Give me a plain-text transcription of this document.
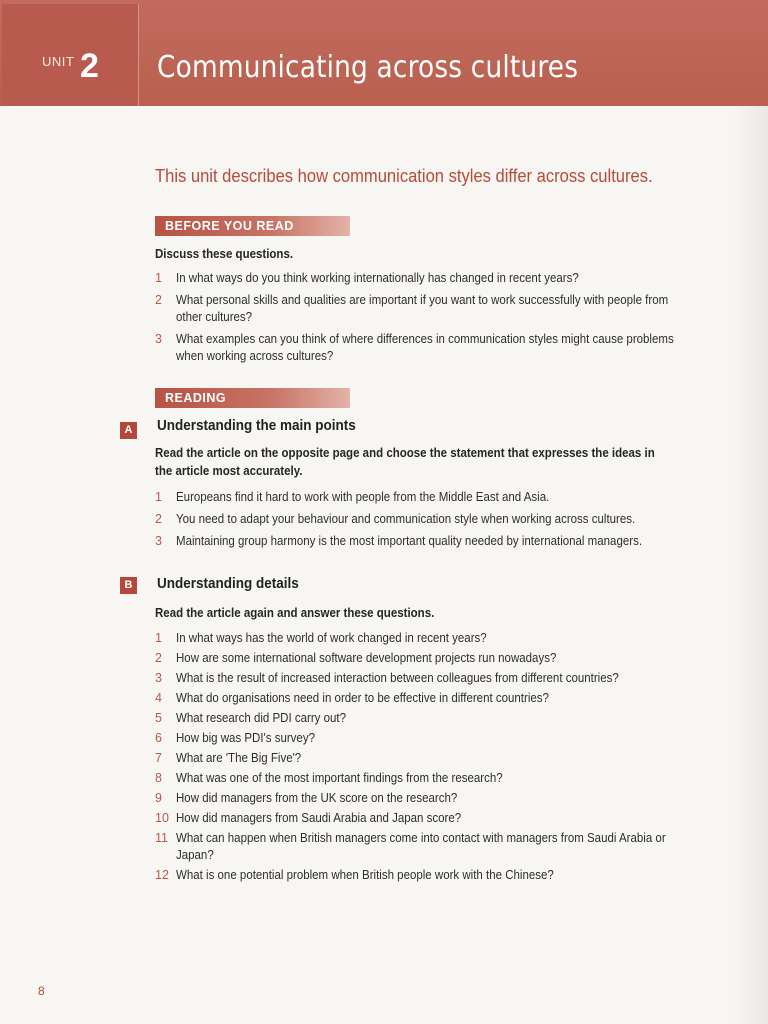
UNIT 2 Communicating across cultures
This unit describes how communication styles differ across cultures.
BEFORE YOU READ
Discuss these questions.
1 In what ways do you think working internationally has changed in recent years?
2 What personal skills and qualities are important if you want to work successfully with people from other cultures?
3 What examples can you think of where differences in communication styles might cause problems when working across cultures?
READING
A	Understanding the main points
Read the article on the opposite page and choose the statement that expresses the ideas in the article most accurately.
1 Europeans find it hard to work with people from the Middle East and Asia.
2 You need to adapt your behaviour and communication style when working across cultures.
3 Maintaining group harmony is the most important quality needed by international managers.
B	Understanding details
Read the article again and answer these questions.
1 In what ways has the world of work changed in recent years?
2 How are some international software development projects run nowadays?
3 What is the result of increased interaction between colleagues from different countries?
4 What do organisations need in order to be effective in different countries?
5 What research did PDI carry out?
6 How big was PDI's survey?
7 What are 'The Big Five'?
8 What was one of the most important findings from the research?
9 How did managers from the UK score on the research?
10 How did managers from Saudi Arabia and Japan score?
11 What can happen when British managers come into contact with managers from Saudi Arabia or Japan?
12 What is one potential problem when British people work with the Chinese?
8
